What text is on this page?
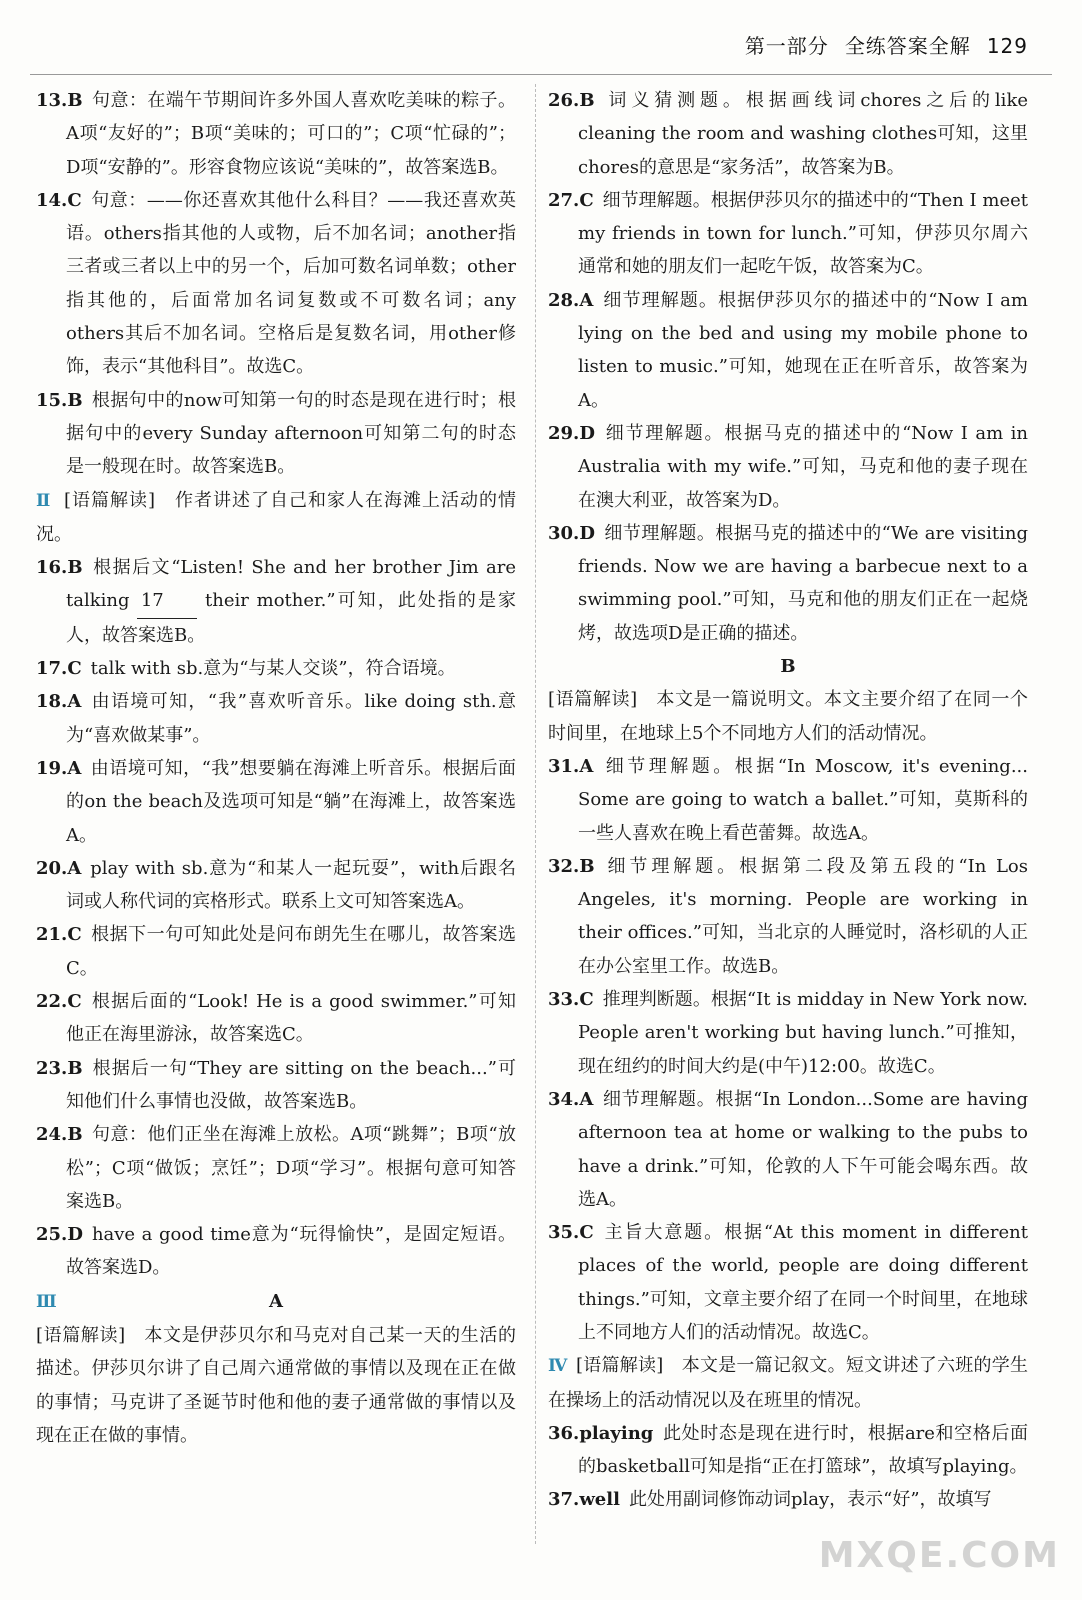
第一部分 全练答案全解 129
13.B 句意：在端午节期间许多外国人喜欢吃美味的粽子。A项“友好的”；B项“美味的；可口的”；C项“忙碌的”；D项“安静的”。形容食物应该说“美味的”，故答案选B。
14.C 句意：——你还喜欢其他什么科目？——我还喜欢英语。others指其他的人或物，后不加名词；another指三者或三者以上中的另一个，后加可数名词单数；other指其他的，后面常加名词复数或不可数名词；any others其后不加名词。空格后是复数名词，用other修饰，表示“其他科目”。故选C。
15.B 根据句中的now可知第一句的时态是现在进行时；根据句中的every Sunday afternoon可知第二句的时态是一般现在时。故答案选B。
Ⅱ [语篇解读]　作者讲述了自己和家人在海滩上活动的情况。
16.B 根据后文“Listen! She and her brother Jim are talking 17 their mother.”可知，此处指的是家人，故答案选B。
17.C talk with sb.意为“与某人交谈”，符合语境。
18.A 由语境可知，“我”喜欢听音乐。like doing sth.意为“喜欢做某事”。
19.A 由语境可知，“我”想要躺在海滩上听音乐。根据后面的on the beach及选项可知是“躺”在海滩上，故答案选A。
20.A play with sb.意为“和某人一起玩耍”，with后跟名词或人称代词的宾格形式。联系上文可知答案选A。
21.C 根据下一句可知此处是问布朗先生在哪儿，故答案选C。
22.C 根据后面的“Look! He is a good swimmer.”可知他正在海里游泳，故答案选C。
23.B 根据后一句“They are sitting on the beach...”可知他们什么事情也没做，故答案选B。
24.B 句意：他们正坐在海滩上放松。A项“跳舞”；B项“放松”；C项“做饭；烹饪”；D项“学习”。根据句意可知答案选B。
25.D have a good time意为“玩得愉快”，是固定短语。故答案选D。
Ⅲ	A
[语篇解读]　本文是伊莎贝尔和马克对自己某一天的生活的描述。伊莎贝尔讲了自己周六通常做的事情以及现在正在做的事情；马克讲了圣诞节时他和他的妻子通常做的事情以及现在正在做的事情。
26.B 词义猜测题。根据画线词chores之后的like cleaning the room and washing clothes可知，这里chores的意思是“家务活”，故答案为B。
27.C 细节理解题。根据伊莎贝尔的描述中的“Then I meet my friends in town for lunch.”可知，伊莎贝尔周六通常和她的朋友们一起吃午饭，故答案为C。
28.A 细节理解题。根据伊莎贝尔的描述中的“Now I am lying on the bed and using my mobile phone to listen to music.”可知，她现在正在听音乐，故答案为A。
29.D 细节理解题。根据马克的描述中的“Now I am in Australia with my wife.”可知，马克和他的妻子现在在澳大利亚，故答案为D。
30.D 细节理解题。根据马克的描述中的“We are visiting friends. Now we are having a barbecue next to a swimming pool.”可知，马克和他的朋友们正在一起烧烤，故选项D是正确的描述。
B
[语篇解读]　本文是一篇说明文。本文主要介绍了在同一个时间里，在地球上5个不同地方人们的活动情况。
31.A 细节理解题。根据“In Moscow, it's evening... Some are going to watch a ballet.”可知，莫斯科的一些人喜欢在晚上看芭蕾舞。故选A。
32.B 细节理解题。根据第二段及第五段的“In Los Angeles, it's morning. People are working in their offices.”可知，当北京的人睡觉时，洛杉矶的人正在办公室里工作。故选B。
33.C 推理判断题。根据“It is midday in New York now. People aren't working but having lunch.”可推知，现在纽约的时间大约是(中午)12:00。故选C。
34.A 细节理解题。根据“In London...Some are having afternoon tea at home or walking to the pubs to have a drink.”可知，伦敦的人下午可能会喝东西。故选A。
35.C 主旨大意题。根据“At this moment in different places of the world, people are doing different things.”可知，文章主要介绍了在同一个时间里，在地球上不同地方人们的活动情况。故选C。
Ⅳ [语篇解读]　本文是一篇记叙文。短文讲述了六班的学生在操场上的活动情况以及在班里的情况。
36.playing 此处时态是现在进行时，根据are和空格后面的basketball可知是指“正在打篮球”，故填写playing。
37.well 此处用副词修饰动词play，表示“好”，故填写
MXQE.COM
